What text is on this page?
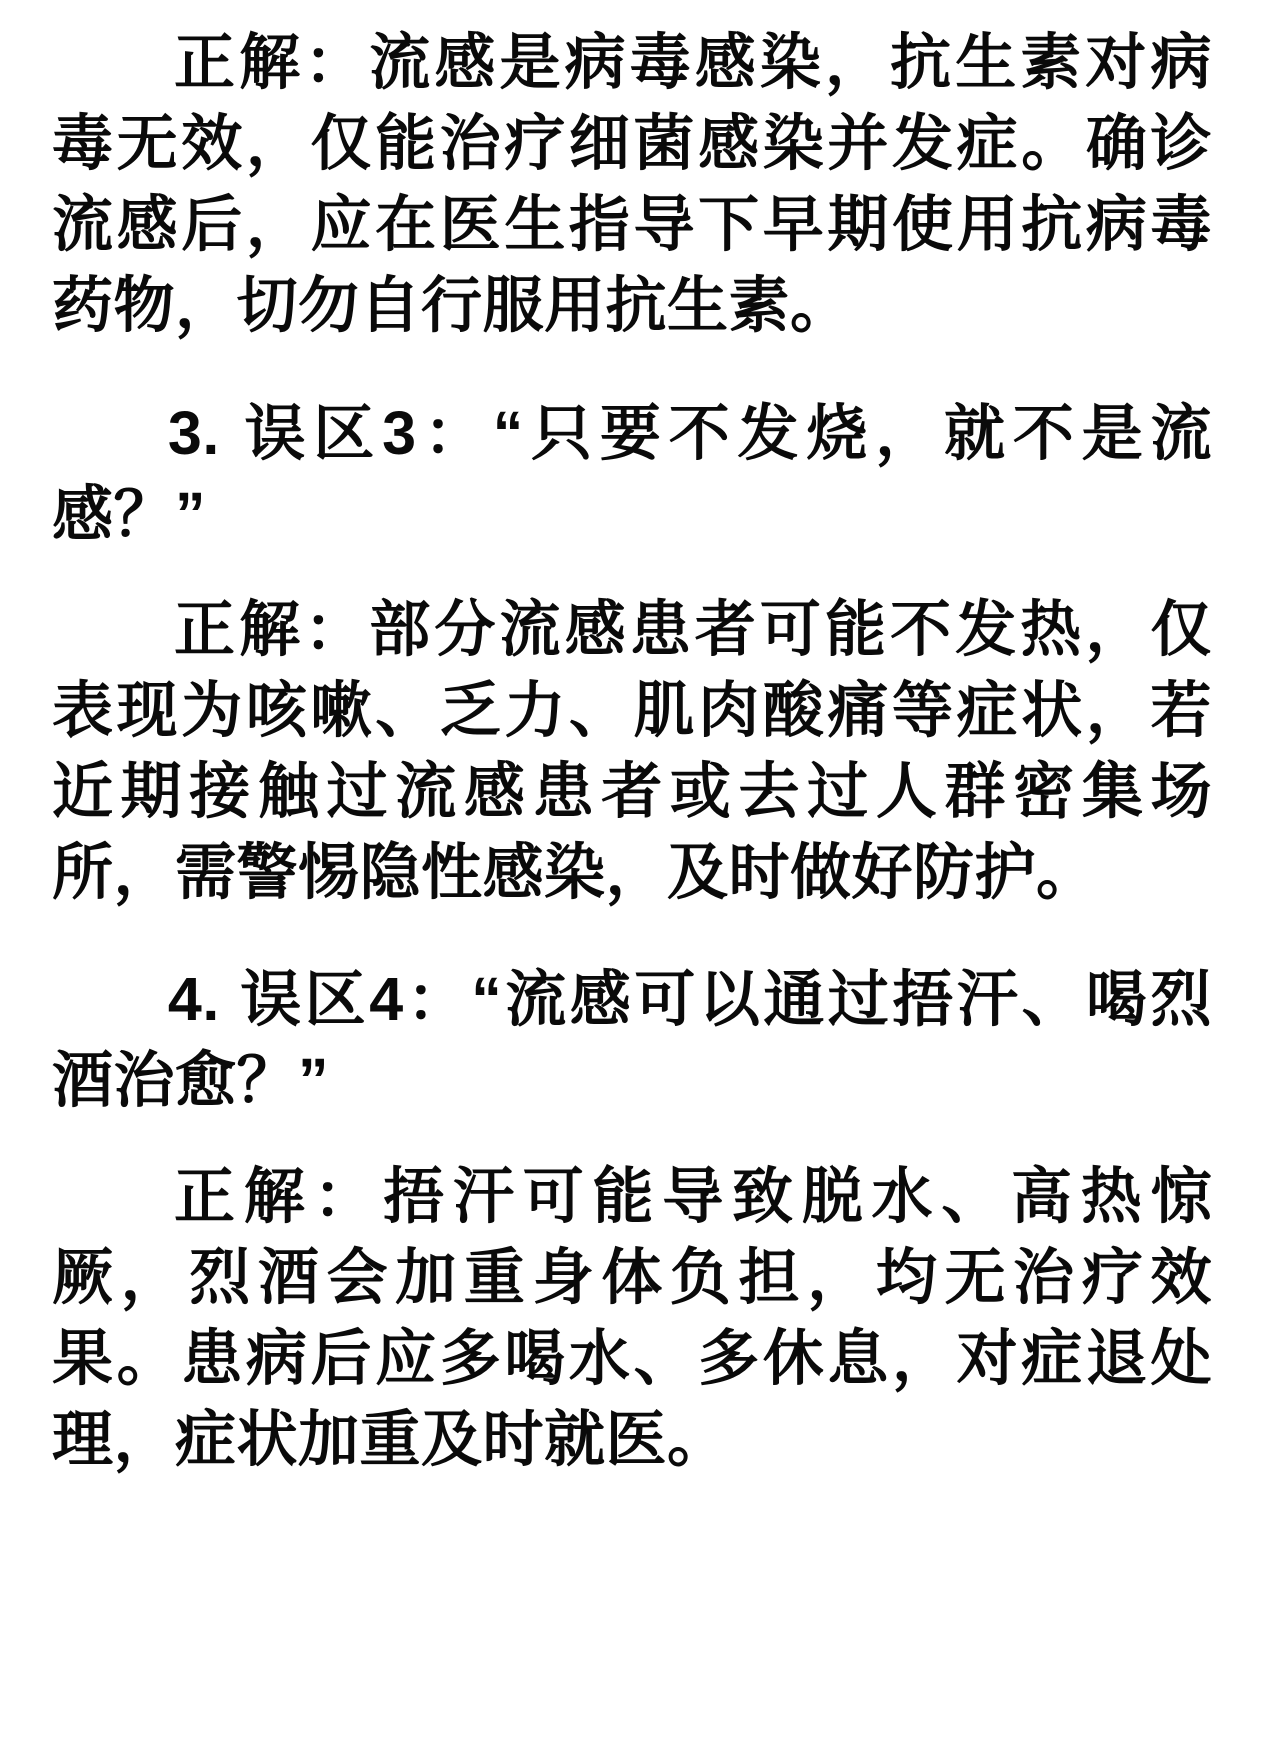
正解：流感是病毒感染，抗生素对病毒无效，仅能治疗细菌感染并发症。确诊流感后，应在医生指导下早期使用抗病毒药物，切勿自行服用抗生素。

3. 误区3：“只要不发烧，就不是流感？”

正解：部分流感患者可能不发热，仅表现为咳嗽、乏力、肌肉酸痛等症状，若近期接触过流感患者或去过人群密集场所，需警惕隐性感染，及时做好防护。

4. 误区4：“流感可以通过捂汗、喝烈酒治愈？”

正解：捂汗可能导致脱水、高热惊厥，烈酒会加重身体负担，均无治疗效果。患病后应多喝水、多休息，对症退处理，症状加重及时就医。
